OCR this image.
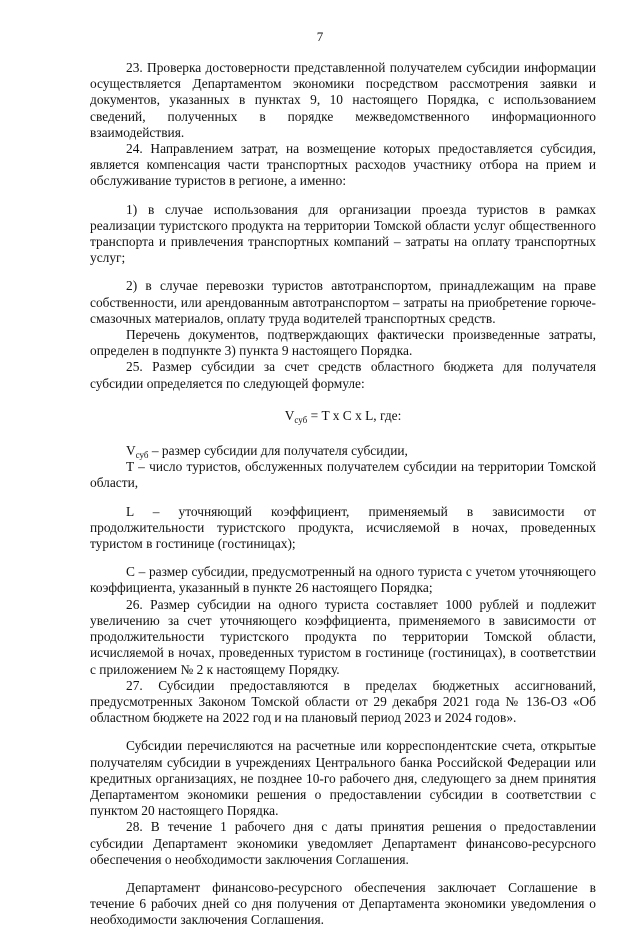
7

23. Проверка достоверности представленной получателем субсидии информации осуществляется Департаментом экономики посредством рассмотрения заявки и документов, указанных в пунктах 9, 10 настоящего Порядка, с использованием сведений, полученных в порядке межведомственного информационного взаимодействия.

24. Направлением затрат, на возмещение которых предоставляется субсидия, является компенсация части транспортных расходов участнику отбора на прием и обслуживание туристов в регионе, а именно:

1) в случае использования для организации проезда туристов в рамках реализации туристского продукта на территории Томской области услуг общественного транспорта и привлечения транспортных компаний – затраты на оплату транспортных услуг;

2) в случае перевозки туристов автотранспортом, принадлежащим на праве собственности, или арендованным автотранспортом – затраты на приобретение горюче-смазочных материалов, оплату труда водителей транспортных средств.

Перечень документов, подтверждающих фактически произведенные затраты, определен в подпункте 3) пункта 9 настоящего Порядка.

25. Размер субсидии за счет средств областного бюджета для получателя субсидии определяется по следующей формуле:

$V_{суб} = T$ x C x L, где:

$V_{суб}$ – размер субсидии для получателя субсидии,

T – число туристов, обслуженных получателем субсидии на территории Томской области,

L – уточняющий коэффициент, применяемый в зависимости от продолжительности туристского продукта, исчисляемой в ночах, проведенных туристом в гостинице (гостиницах);

C – размер субсидии, предусмотренный на одного туриста с учетом уточняющего коэффициента, указанный в пункте 26 настоящего Порядка;

26. Размер субсидии на одного туриста составляет 1000 рублей и подлежит увеличению за счет уточняющего коэффициента, применяемого в зависимости от продолжительности туристского продукта по территории Томской области, исчисляемой в ночах, проведенных туристом в гостинице (гостиницах), в соответствии с приложением № 2 к настоящему Порядку.

27. Субсидии предоставляются в пределах бюджетных ассигнований, предусмотренных Законом Томской области от 29 декабря 2021 года № 136-ОЗ «Об областном бюджете на 2022 год и на плановый период 2023 и 2024 годов».

Субсидии перечисляются на расчетные или корреспондентские счета, открытые получателям субсидии в учреждениях Центрального банка Российской Федерации или кредитных организациях, не позднее 10-го рабочего дня, следующего за днем принятия Департаментом экономики решения о предоставлении субсидии в соответствии с пунктом 20 настоящего Порядка.

28. В течение 1 рабочего дня с даты принятия решения о предоставлении субсидии Департамент экономики уведомляет Департамент финансово-ресурсного обеспечения о необходимости заключения Соглашения.

Департамент финансово-ресурсного обеспечения заключает Соглашение в течение 6 рабочих дней со дня получения от Департамента экономики уведомления о необходимости заключения Соглашения.
